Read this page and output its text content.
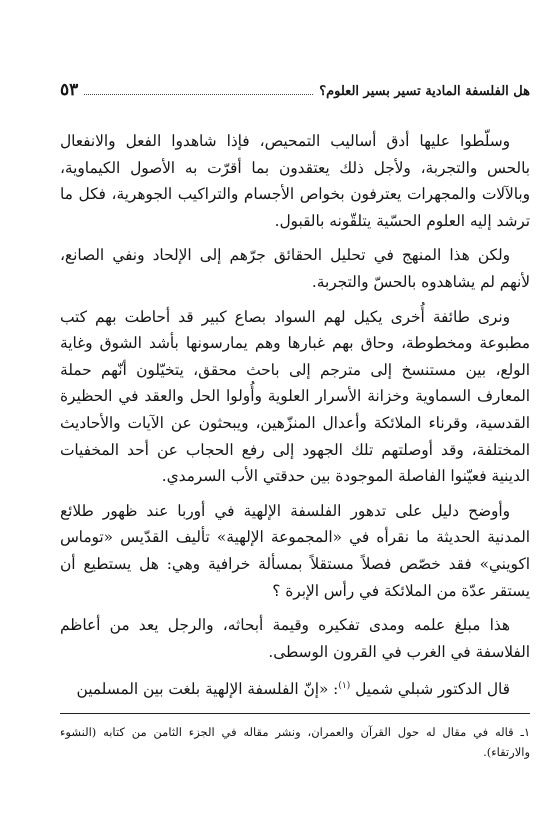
هل الفلسفة المادية تسير بسير العلوم؟
٥٣

وسلّطوا عليها أدق أساليب التمحيص، فإذا شاهدوا الفعل والانفعال بالحس والتجربة، ولأجل ذلك يعتقدون بما أقرّت به الأصول الكيماوية، وبالآلات والمجهرات يعترفون بخواص الأجسام والتراكيب الجوهرية، فكل ما ترشد إليه العلوم الحسّية يتلقّونه بالقبول.

ولكن هذا المنهج في تحليل الحقائق جرّهم إلى الإلحاد ونفي الصانع، لأنهم لم يشاهدوه بالحسّ والتجربة.

ونرى طائفة أُخرى يكيل لهم السواد بصاع كبير قد أحاطت بهم كتب مطبوعة ومخطوطة، وحاق بهم غبارها وهم يمارسونها بأشد الشوق وغاية الولع، بين مستنسخ إلى مترجم إلى باحث محقق، يتخيّلون أنّهم حملة المعارف السماوية وخزانة الأسرار العلوية وأُولوا الحل والعقد في الحظيرة القدسية، وقرناء الملائكة وأعدال المنزّهين، ويبحثون عن الآيات والأحاديث المختلفة، وقد أوصلتهم تلك الجهود إلى رفع الحجاب عن أحد المخفيات الدينية فعيّنوا الفاصلة الموجودة بين حدقتي الأب السرمدي.

وأوضح دليل على تدهور الفلسفة الإلهية في أوربا عند ظهور طلائع المدنية الحديثة ما نقرأه في «المجموعة الإلهية» تأليف القدّيس «توماس اكويني» فقد خصّص فصلاً مستقلاً بمسألة خرافية وهي: هل يستطيع أن يستقر عدّة من الملائكة في رأس الإبرة ؟

هذا مبلغ علمه ومدى تفكيره وقيمة أبحاثه، والرجل يعد من أعاظم الفلاسفة في الغرب في القرون الوسطى.

قال الدكتور شبلي شميل $^{(١)}$: «إنّ الفلسفة الإلهية بلغت بين المسلمين

١ـ قاله في مقال له حول القرآن والعمران، ونشر مقاله في الجزء الثامن من كتابه (النشوء والارتقاء).
